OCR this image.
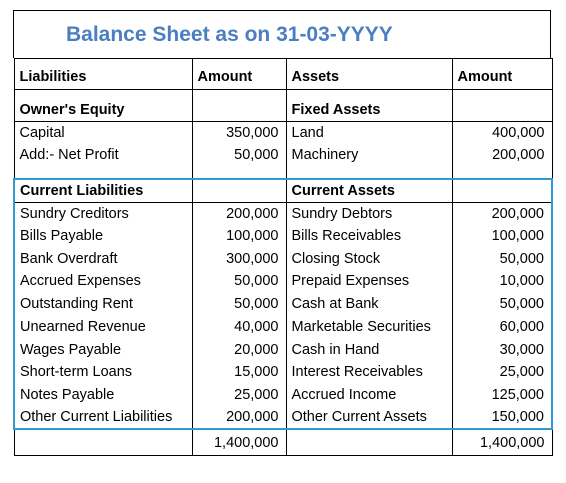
Balance Sheet as on 31-03-YYYY
Liabilities	Amount	Assets	Amount

Owner's Equity		Fixed Assets	
Capital	350,000	Land	400,000
Add:- Net Profit	50,000	Machinery	200,000

Current Liabilities		Current Assets	
Sundry Creditors	200,000	Sundry Debtors	200,000
Bills Payable	100,000	Bills Receivables	100,000
Bank Overdraft	300,000	Closing Stock	50,000
Accrued Expenses	50,000	Prepaid Expenses	10,000
Outstanding Rent	50,000	Cash at Bank	50,000
Unearned Revenue	40,000	Marketable Securities	60,000
Wages Payable	20,000	Cash in Hand	30,000
Short-term Loans	15,000	Interest Receivables	25,000
Notes Payable	25,000	Accrued Income	125,000
Other Current Liabilities	200,000	Other Current Assets	150,000
	1,400,000		1,400,000
